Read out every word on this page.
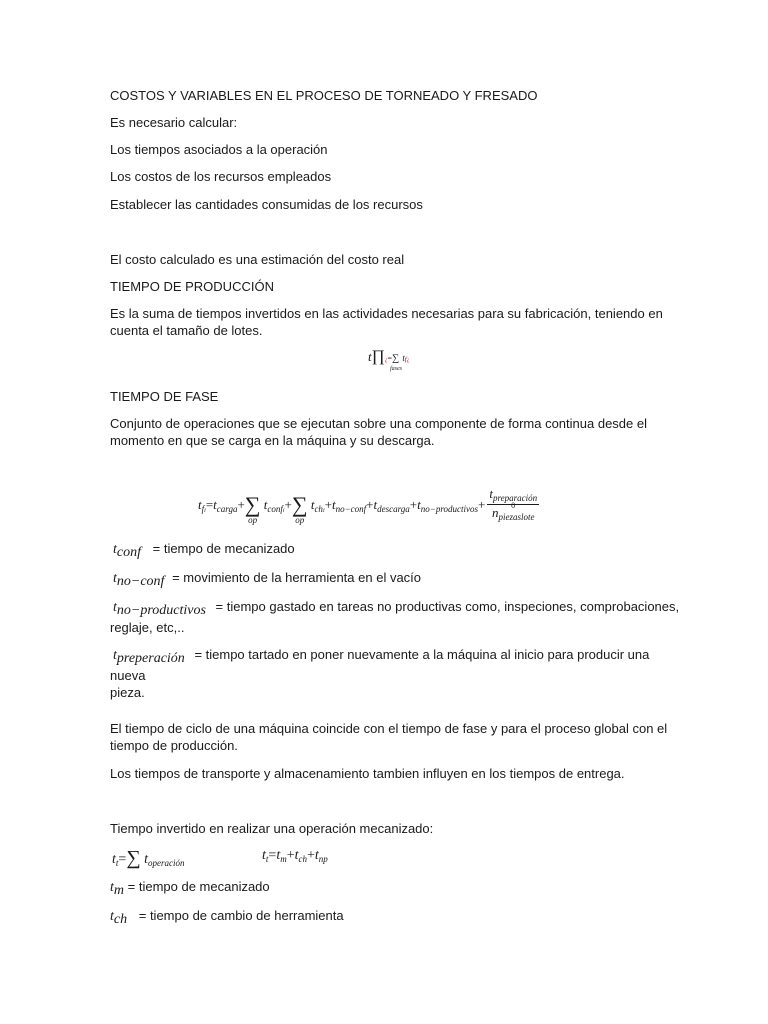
COSTOS Y VARIABLES EN EL PROCESO DE TORNEADO Y FRESADO

Es necesario calcular:

Los tiempos asociados a la operación

Los costos de los recursos empleados

Establecer las cantidades consumidas de los recursos

El costo calculado es una estimación del costo real

TIEMPO DE PRODUCCIÓN

Es la suma de tiempos invertidos en las actividades necesarias para su fabricación, teniendo en cuenta el tamaño de lotes.

t∏¿=∑
fases
tf¿

TIEMPO DE FASE

Conjunto de operaciones que se ejecutan sobre una componente de forma continua desde el momento en que se carga en la máquina y su descarga.

$t_{fi}=t_{carga}+\sum$
op
$t_{confi}+\sum$
op
$t_{chi}+t_{no-conf}+t_{descarga}+t_{no-productivos}+ t_{preparación}$
0
$n_{piezaslote}$
tconf = tiempo de mecanizado
tno−conf = movimiento de la herramienta en el vacío
tno−productivos = tiempo gastado en tareas no productivas como, inspeciones, comprobaciones,
reglaje, etc,..
tpreperación = tiempo tartado en poner nuevamente a la máquina al inicio para producir una nueva
pieza.

El tiempo de ciclo de una máquina coincide con el tiempo de fase y para el proceso global con el tiempo de producción.

Los tiempos de transporte y almacenamiento tambien influyen en los tiempos de entrega.

Tiempo invertido en realizar una operación mecanizado:

$t_t=\sum$ $t_{operación}$	$t_t=t_m+t_{ch}+t_{np}$
tm = tiempo de mecanizado
tch = tiempo de cambio de herramienta
